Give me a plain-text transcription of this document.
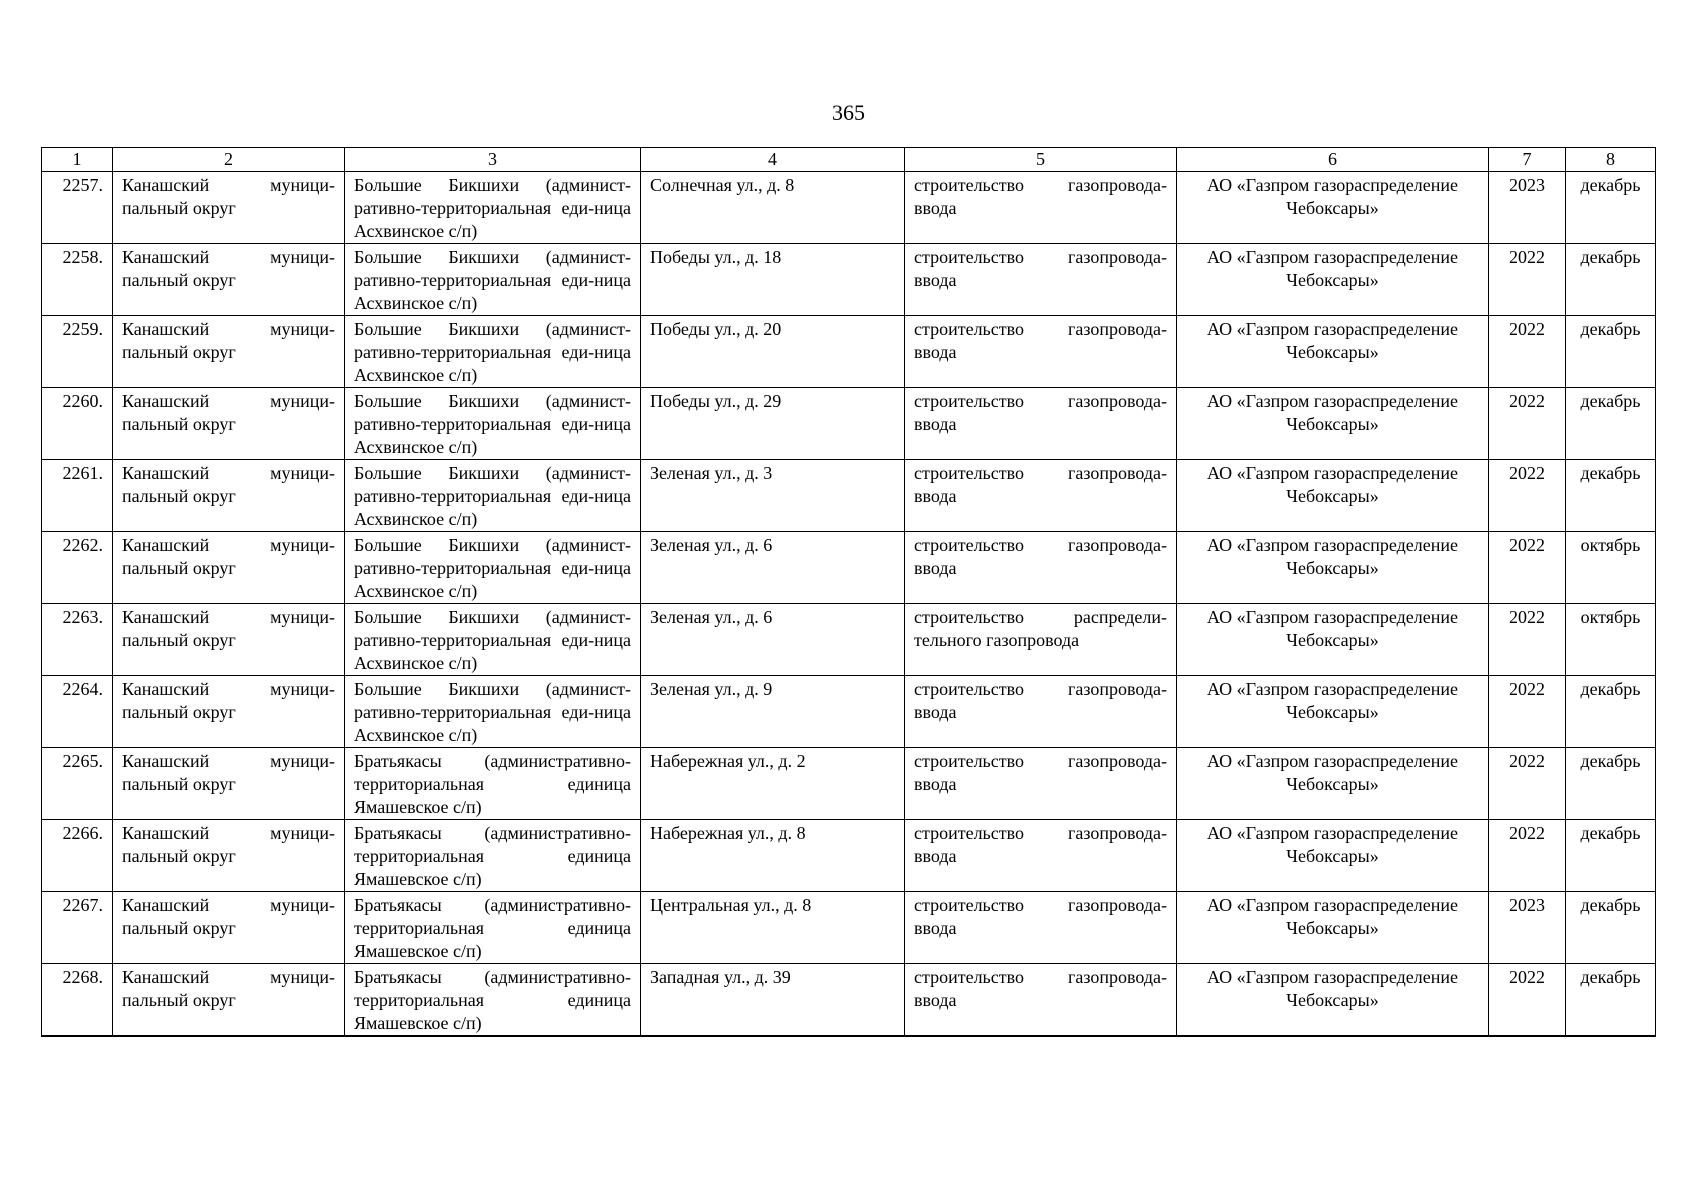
365
1	2	3	4	5	6	7	8
2257.	Канашский муници-пальный округ	Большие Бикшихи (админист-ративно-территориальная еди-ница Асхвинское с/п)	Солнечная ул., д. 8	строительство газопровода-ввода	АО «Газпром газораспределение Чебоксары»	2023	декабрь
2258.	Канашский муници-пальный округ	Большие Бикшихи (админист-ративно-территориальная еди-ница Асхвинское с/п)	Победы ул., д. 18	строительство газопровода-ввода	АО «Газпром газораспределение Чебоксары»	2022	декабрь
2259.	Канашский муници-пальный округ	Большие Бикшихи (админист-ративно-территориальная еди-ница Асхвинское с/п)	Победы ул., д. 20	строительство газопровода-ввода	АО «Газпром газораспределение Чебоксары»	2022	декабрь
2260.	Канашский муници-пальный округ	Большие Бикшихи (админист-ративно-территориальная еди-ница Асхвинское с/п)	Победы ул., д. 29	строительство газопровода-ввода	АО «Газпром газораспределение Чебоксары»	2022	декабрь
2261.	Канашский муници-пальный округ	Большие Бикшихи (админист-ративно-территориальная еди-ница Асхвинское с/п)	Зеленая ул., д. 3	строительство газопровода-ввода	АО «Газпром газораспределение Чебоксары»	2022	декабрь
2262.	Канашский муници-пальный округ	Большие Бикшихи (админист-ративно-территориальная еди-ница Асхвинское с/п)	Зеленая ул., д. 6	строительство газопровода-ввода	АО «Газпром газораспределение Чебоксары»	2022	октябрь
2263.	Канашский муници-пальный округ	Большие Бикшихи (админист-ративно-территориальная еди-ница Асхвинское с/п)	Зеленая ул., д. 6	строительство распредели-тельного газопровода	АО «Газпром газораспределение Чебоксары»	2022	октябрь
2264.	Канашский муници-пальный округ	Большие Бикшихи (админист-ративно-территориальная еди-ница Асхвинское с/п)	Зеленая ул., д. 9	строительство газопровода-ввода	АО «Газпром газораспределение Чебоксары»	2022	декабрь
2265.	Канашский муници-пальный округ	Братьякасы (административно-территориальная единица Ямашевское с/п)	Набережная ул., д. 2	строительство газопровода-ввода	АО «Газпром газораспределение Чебоксары»	2022	декабрь
2266.	Канашский муници-пальный округ	Братьякасы (административно-территориальная единица Ямашевское с/п)	Набережная ул., д. 8	строительство газопровода-ввода	АО «Газпром газораспределение Чебоксары»	2022	декабрь
2267.	Канашский муници-пальный округ	Братьякасы (административно-территориальная единица Ямашевское с/п)	Центральная ул., д. 8	строительство газопровода-ввода	АО «Газпром газораспределение Чебоксары»	2023	декабрь
2268.	Канашский муници-пальный округ	Братьякасы (административно-территориальная единица Ямашевское с/п)	Западная ул., д. 39	строительство газопровода-ввода	АО «Газпром газораспределение Чебоксары»	2022	декабрь
